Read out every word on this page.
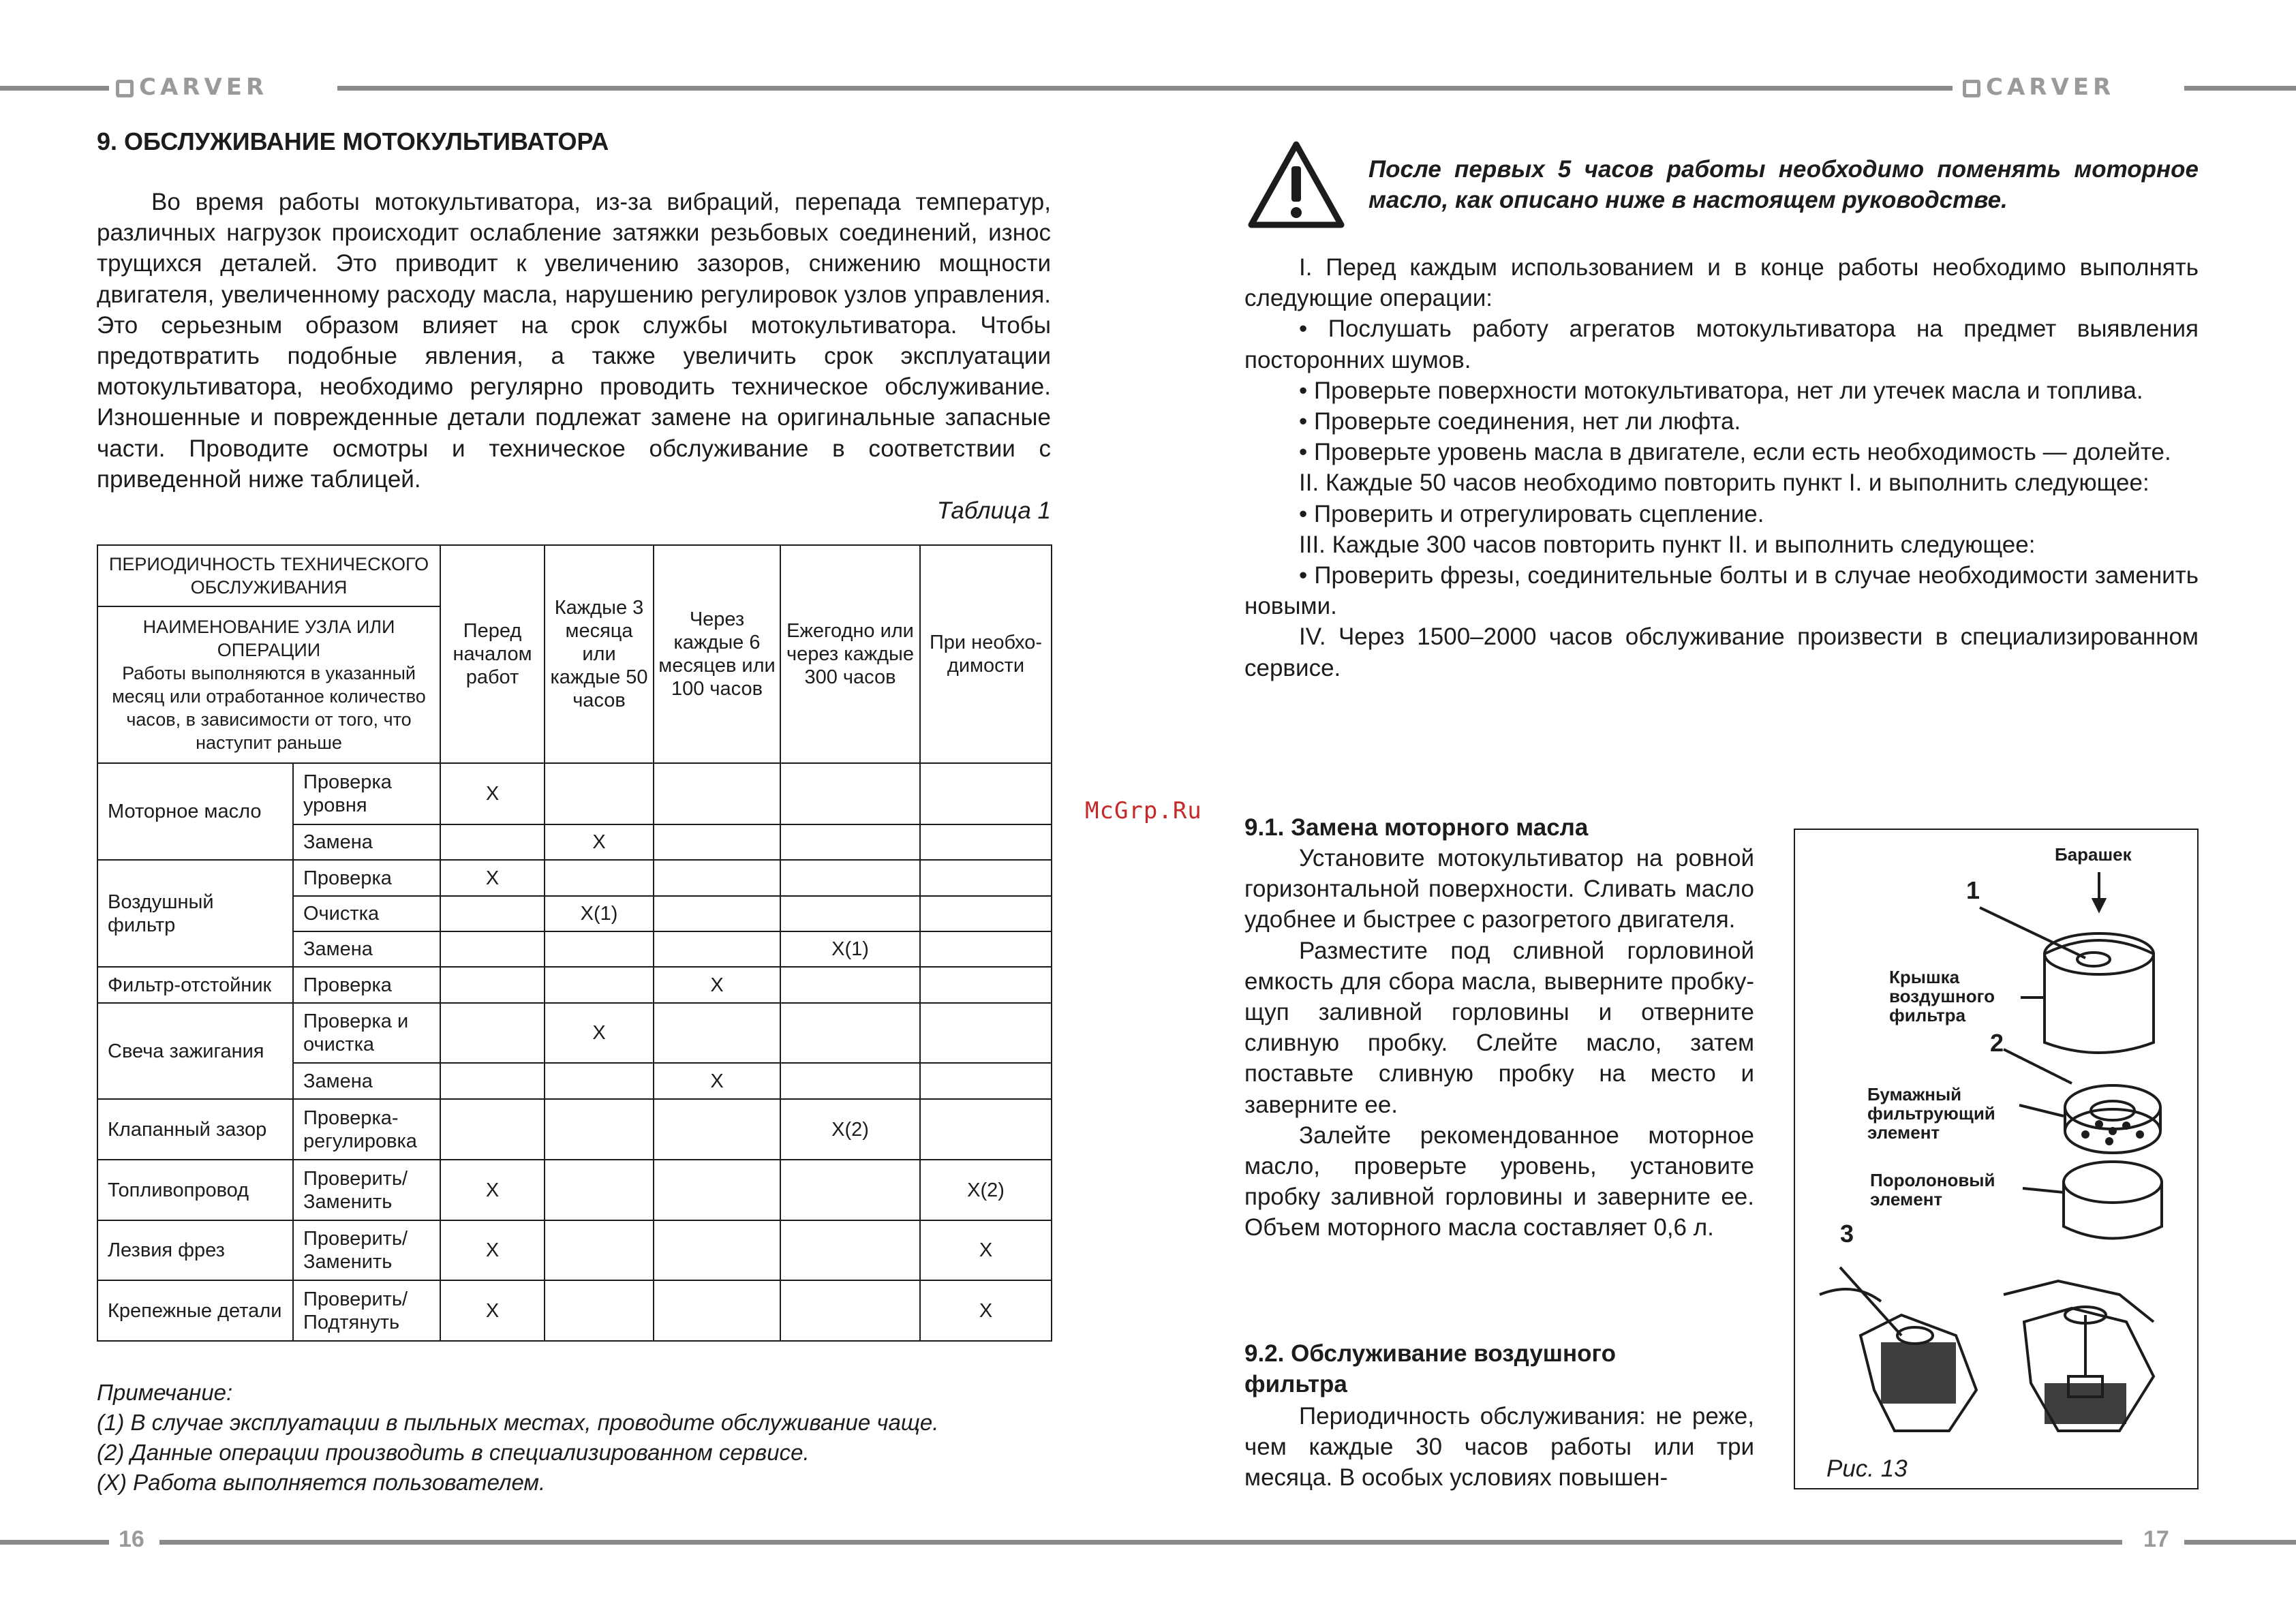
CARVER	CARVER
16	17
9. ОБСЛУЖИВАНИЕ МОТОКУЛЬТИВАТОРА

Во время работы мотокультиватора, из-за вибраций, перепада температур, различных нагрузок происходит ослабление затяжки резьбовых соединений, износ трущихся деталей. Это приводит к увеличению зазоров, снижению мощности двигателя, увеличенному расходу масла, нарушению регулировок узлов управления. Это серьезным образом влияет на срок службы мотокультиватора. Чтобы предотвратить подобные явления, а также увеличить срок эксплуатации мотокультиватора, необходимо регулярно проводить техническое обслуживание. Изношенные и поврежденные детали подлежат замене на оригинальные запасные части. Проводите осмотры и техническое обслуживание в соответствии с приведенной ниже таблицей.

Таблица 1
ПЕРИОДИЧНОСТЬ ТЕХНИЧЕСКОГО ОБСЛУЖИВАНИЯ		Перед началом работ	Каждые 3 месяца или каждые 50 часов	Через каждые 6 месяцев или 100 часов	Ежегодно или через каждые 300 часов	При необхо-димости

НАИМЕНОВАНИЕ УЗЛА ИЛИ ОПЕРАЦИИ
Работы выполняются в указанный месяц или отработанное количество часов, в зависимости от того, что наступит раньше						

Моторное масло	Проверка уровня	X				
	Замена		X			
Воздушный фильтр	Проверка	X				
	Очистка		X(1)			
	Замена				X(1)	
Фильтр-отстойник	Проверка			X		
Свеча зажигания	Проверка и очистка		X			
	Замена			X		
Клапанный зазор	Проверка-регулировка				X(2)	
Топливопровод	Проверить/ Заменить	X				X(2)
Лезвия фрез	Проверить/ Заменить	X				X
Крепежные детали	Проверить/ Подтянуть	X				X
Примечание:
(1) В случае эксплуатации в пыльных местах, проводите обслуживание чаще.
(2) Данные операции производить в специализированном сервисе.
(X) Работа выполняется пользователем.
McGrp.Ru
После первых 5 часов работы необходимо поменять моторное масло, как описано ниже в настоящем руководстве.
I. Перед каждым использованием и в конце работы необходимо выполнять следующие операции:
• Послушать работу агрегатов мотокультиватора на предмет выявления посторонних шумов.
• Проверьте поверхности мотокультиватора, нет ли утечек масла и топлива.
• Проверьте соединения, нет ли люфта.
• Проверьте уровень масла в двигателе, если есть необходимость — долейте.
II. Каждые 50 часов необходимо повторить пункт I. и выполнить следующее:
• Проверить и отрегулировать сцепление.
III. Каждые 300 часов повторить пункт II. и выполнить следующее:
• Проверить фрезы, соединительные болты и в случае необходимости заменить новыми.
IV. Через 1500–2000 часов обслуживание произвести в специализированном сервисе.
9.1. Замена моторного масла
Установите мотокультиватор на ровной горизонтальной поверхности. Сливать масло удобнее и быстрее с разогретого двигателя.
Разместите под сливной горловиной емкость для сбора масла, выверните пробку-щуп заливной горловины и отверните сливную пробку. Слейте масло, затем поставьте сливную пробку на место и заверните ее.
Залейте рекомендованное моторное масло, проверьте уровень, установите пробку заливной горловины и заверните ее. Объем моторного масла составляет 0,6 л.
9.2. Обслуживание воздушного фильтра
Периодичность обслуживания: не реже, чем каждые 30 часов работы или три месяца. В особых условиях повышен-
Барашек
1
Крышка воздушного фильтра
2
Бумажный фильтрующий элемент
Поролоновый элемент
3
Рис. 13
